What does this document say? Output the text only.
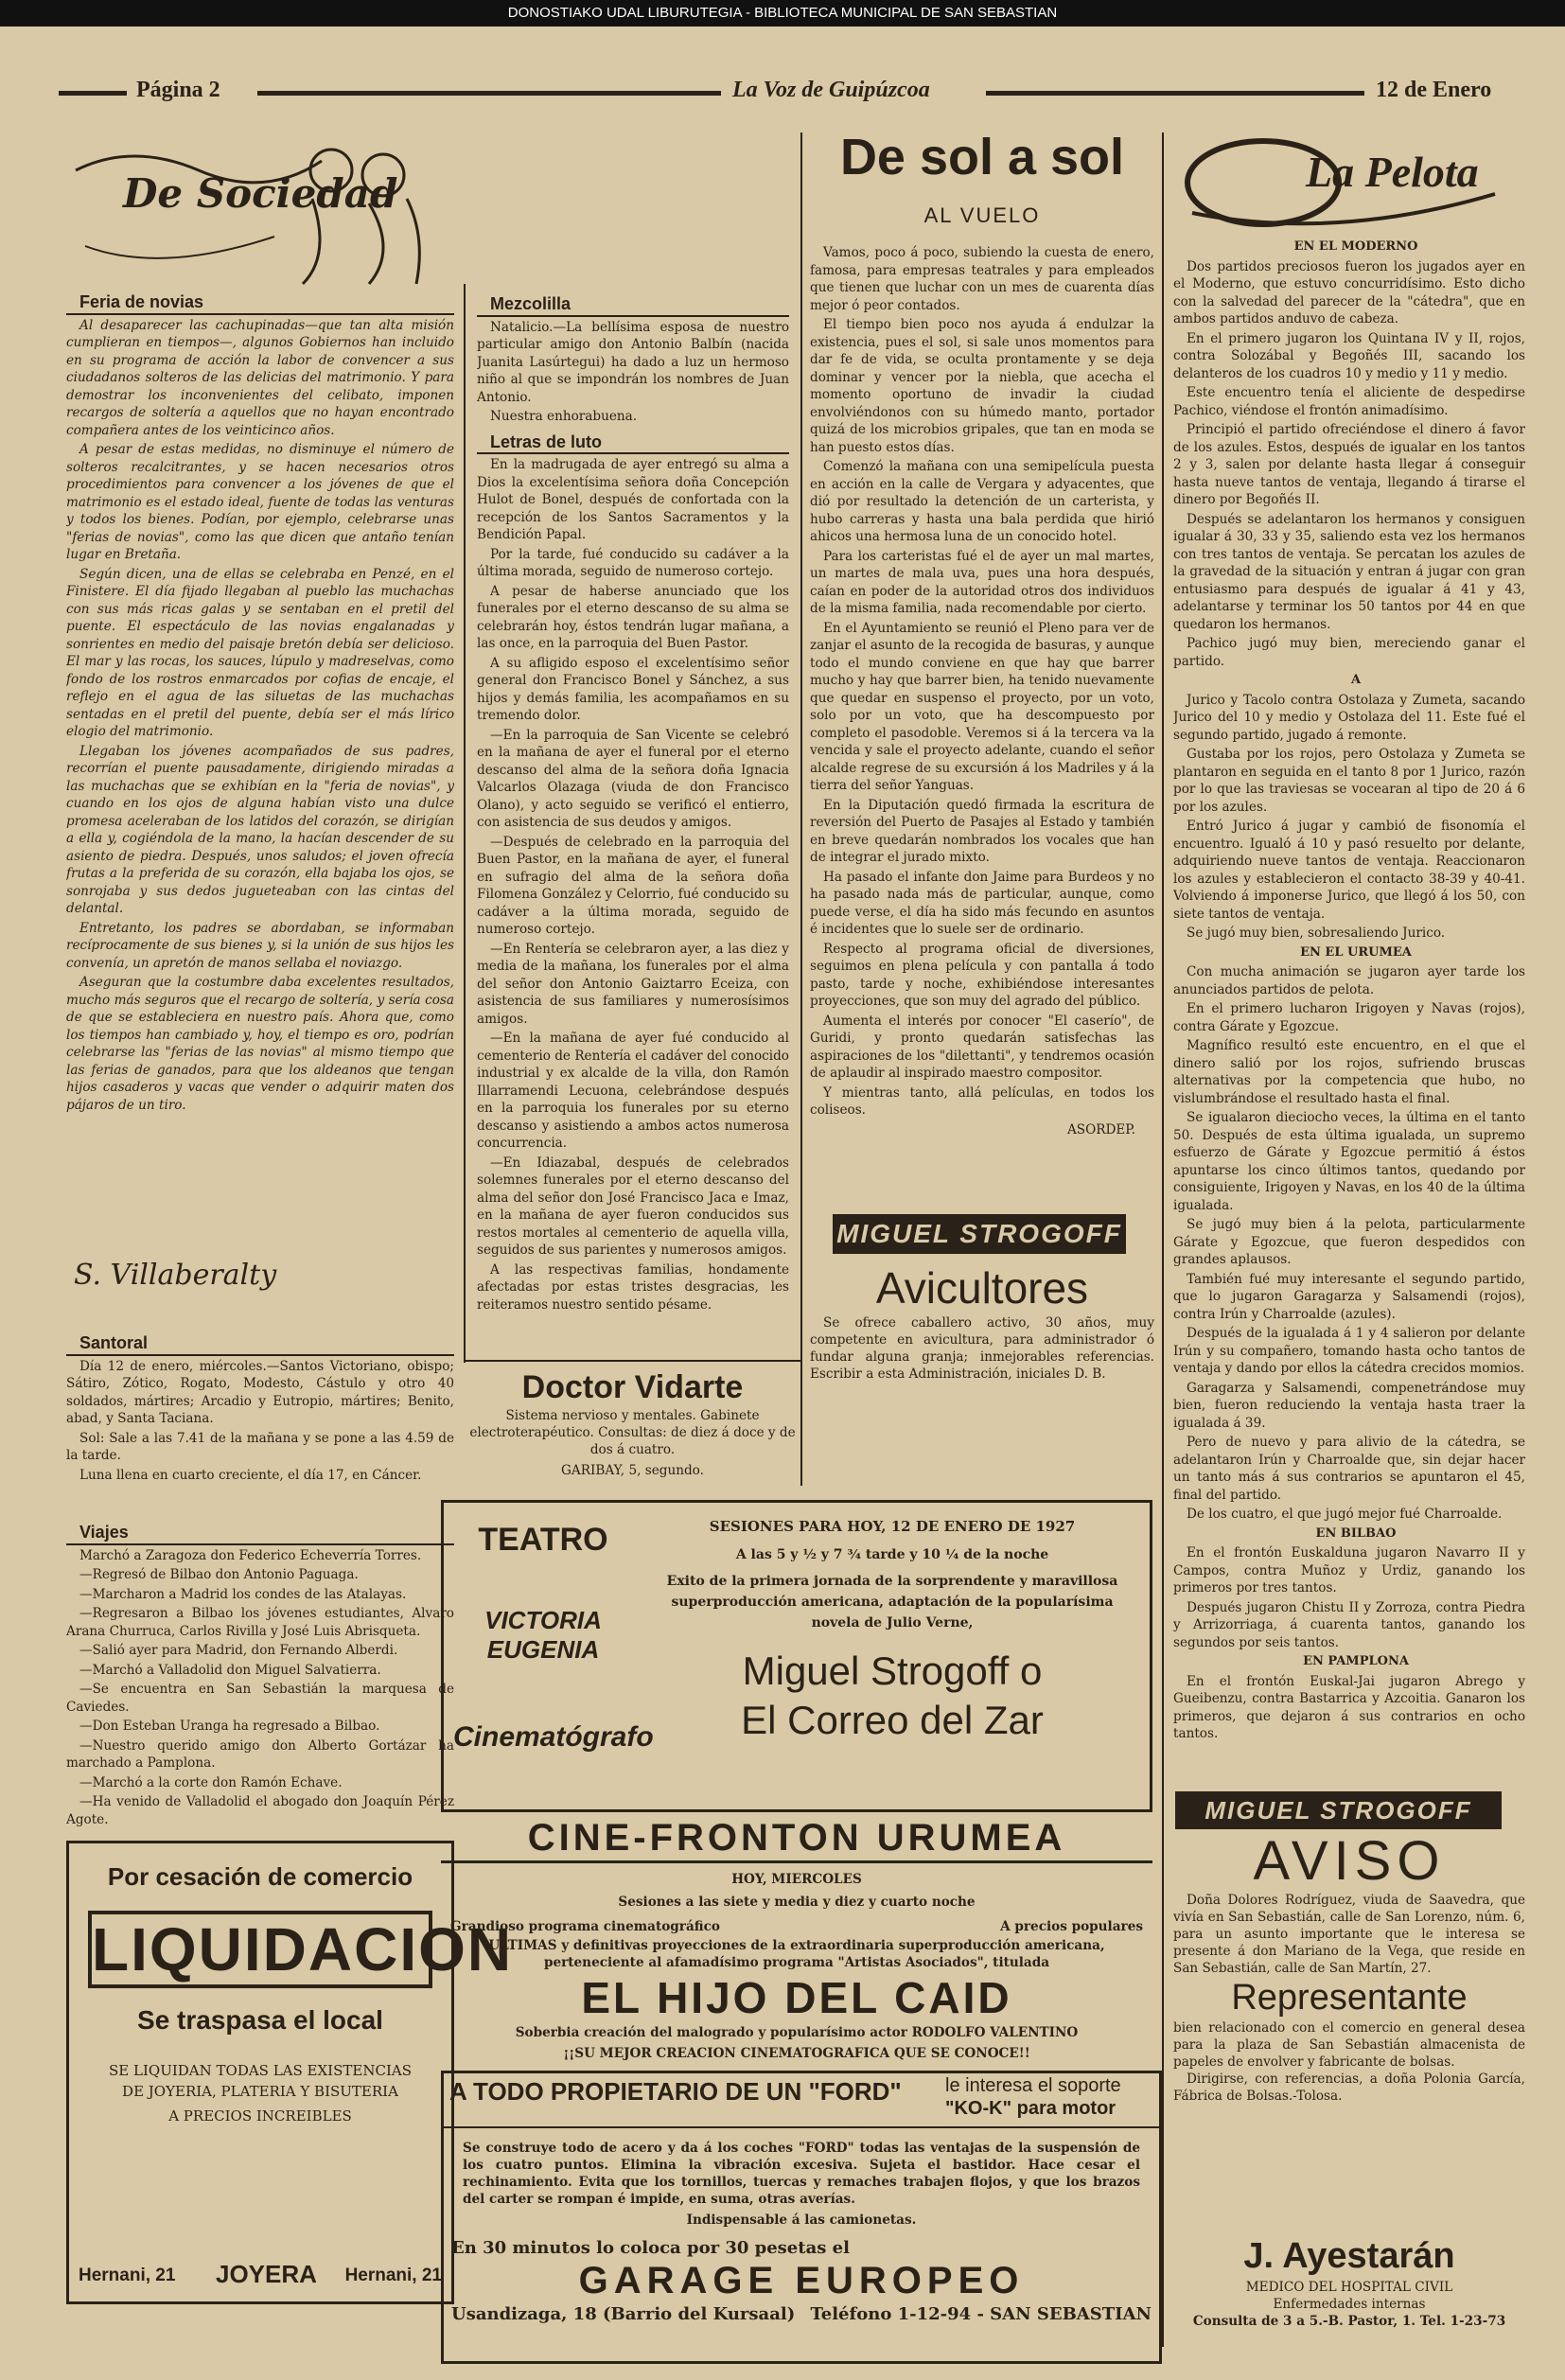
DONOSTIAKO UDAL LIBURUTEGIA - BIBLIOTECA MUNICIPAL DE SAN SEBASTIAN
Página 2	La Voz de Guipúzcoa	12 de Enero
De Sociedad

Feria de novias

Al desaparecer las cachupinadas—que tan alta misión cumplieran en tiempos—, algunos Gobiernos han incluido en su programa de acción la labor de convencer a sus ciudadanos solteros de las delicias del matrimonio. Y para demostrar los inconvenientes del celibato, imponen recargos de soltería a aquellos que no hayan encontrado compañera antes de los veinticinco años.

A pesar de estas medidas, no disminuye el número de solteros recalcitrantes, y se hacen necesarios otros procedimientos para convencer a los jóvenes de que el matrimonio es el estado ideal, fuente de todas las venturas y todos los bienes. Podían, por ejemplo, celebrarse unas "ferias de novias", como las que dicen que antaño tenían lugar en Bretaña.

Según dicen, una de ellas se celebraba en Penzé, en el Finistere. El día fijado llegaban al pueblo las muchachas con sus más ricas galas y se sentaban en el pretil del puente. El espectáculo de las novias engalanadas y sonrientes en medio del paisaje bretón debía ser delicioso. El mar y las rocas, los sauces, lúpulo y madreselvas, como fondo de los rostros enmarcados por cofias de encaje, el reflejo en el agua de las siluetas de las muchachas sentadas en el pretil del puente, debía ser el más lírico elogio del matrimonio.

Llegaban los jóvenes acompañados de sus padres, recorrían el puente pausadamente, dirigiendo miradas a las muchachas que se exhibían en la "feria de novias", y cuando en los ojos de alguna habían visto una dulce promesa aceleraban de los latidos del corazón, se dirigían a ella y, cogiéndola de la mano, la hacían descender de su asiento de piedra. Después, unos saludos; el joven ofrecía frutas a la preferida de su corazón, ella bajaba los ojos, se sonrojaba y sus dedos jugueteaban con las cintas del delantal.

Entretanto, los padres se abordaban, se informaban recíprocamente de sus bienes y, si la unión de sus hijos les convenía, un apretón de manos sellaba el noviazgo.

Aseguran que la costumbre daba excelentes resultados, mucho más seguros que el recargo de soltería, y sería cosa de que se estableciera en nuestro país. Ahora que, como los tiempos han cambiado y, hoy, el tiempo es oro, podrían celebrarse las "ferias de las novias" al mismo tiempo que las ferias de ganados, para que los aldeanos que tengan hijos casaderos y vacas que vender o adquirir maten dos pájaros de un tiro.

S. Villaberalty

Santoral

Día 12 de enero, miércoles.—Santos Victoriano, obispo; Sátiro, Zótico, Rogato, Modesto, Cástulo y otro 40 soldados, mártires; Arcadio y Eutropio, mártires; Benito, abad, y Santa Taciana.

Sol: Sale a las 7.41 de la mañana y se pone a las 4.59 de la tarde.

Luna llena en cuarto creciente, el día 17, en Cáncer.

Viajes

Marchó a Zaragoza don Federico Echeverría Torres.

—Regresó de Bilbao don Antonio Paguaga.

—Marcharon a Madrid los condes de las Atalayas.

—Regresaron a Bilbao los jóvenes estudiantes, Alvaro Arana Churruca, Carlos Rivilla y José Luis Abrisqueta.

—Salió ayer para Madrid, don Fernando Alberdi.

—Marchó a Valladolid don Miguel Salvatierra.

—Se encuentra en San Sebastián la marquesa de Caviedes.

—Don Esteban Uranga ha regresado a Bilbao.

—Nuestro querido amigo don Alberto Gortázar ha marchado a Pamplona.

—Marchó a la corte don Ramón Echave.

—Ha venido de Valladolid el abogado don Joaquín Pérez Agote.

Por cesación de comercio
LIQUIDACION
Se traspasa el local
SE LIQUIDAN TODAS LAS EXISTENCIAS DE JOYERIA, PLATERIA Y BISUTERIA
A PRECIOS INCREIBLES
Hernani, 21 JOYERA Hernani, 21

Mezcolilla

Natalicio.—La bellísima esposa de nuestro particular amigo don Antonio Balbín (nacida Juanita Lasúrtegui) ha dado a luz un hermoso niño al que se impondrán los nombres de Juan Antonio.

Nuestra enhorabuena.

Letras de luto

En la madrugada de ayer entregó su alma a Dios la excelentísima señora doña Concepción Hulot de Bonel, después de confortada con la recepción de los Santos Sacramentos y la Bendición Papal.

Por la tarde, fué conducido su cadáver a la última morada, seguido de numeroso cortejo.

A pesar de haberse anunciado que los funerales por el eterno descanso de su alma se celebrarán hoy, éstos tendrán lugar mañana, a las once, en la parroquia del Buen Pastor.

A su afligido esposo el excelentísimo señor general don Francisco Bonel y Sánchez, a sus hijos y demás familia, les acompañamos en su tremendo dolor.

—En la parroquia de San Vicente se celebró en la mañana de ayer el funeral por el eterno descanso del alma de la señora doña Ignacia Valcarlos Olazaga (viuda de don Francisco Olano), y acto seguido se verificó el entierro, con asistencia de sus deudos y amigos.

—Después de celebrado en la parroquia del Buen Pastor, en la mañana de ayer, el funeral en sufragio del alma de la señora doña Filomena González y Celorrio, fué conducido su cadáver a la última morada, seguido de numeroso cortejo.

—En Rentería se celebraron ayer, a las diez y media de la mañana, los funerales por el alma del señor don Antonio Gaiztarro Eceiza, con asistencia de sus familiares y numerosísimos amigos.

—En la mañana de ayer fué conducido al cementerio de Rentería el cadáver del conocido industrial y ex alcalde de la villa, don Ramón Illarramendi Lecuona, celebrándose después en la parroquia los funerales por su eterno descanso y asistiendo a ambos actos numerosa concurrencia.

—En Idiazabal, después de celebrados solemnes funerales por el eterno descanso del alma del señor don José Francisco Jaca e Imaz, en la mañana de ayer fueron conducidos sus restos mortales al cementerio de aquella villa, seguidos de sus parientes y numerosos amigos.

A las respectivas familias, hondamente afectadas por estas tristes desgracias, les reiteramos nuestro sentido pésame.

Doctor Vidarte
Sistema nervioso y mentales. Gabinete electroterapéutico. Consultas: de diez á doce y de dos á cuatro.
GARIBAY, 5, segundo.
De sol a sol
AL VUELO

Vamos, poco á poco, subiendo la cuesta de enero, famosa, para empresas teatrales y para empleados que tienen que luchar con un mes de cuarenta días mejor ó peor contados.

El tiempo bien poco nos ayuda á endulzar la existencia, pues el sol, si sale unos momentos para dar fe de vida, se oculta prontamente y se deja dominar y vencer por la niebla, que acecha el momento oportuno de invadir la ciudad envolviéndonos con su húmedo manto, portador quizá de los microbios gripales, que tan en moda se han puesto estos días.

Comenzó la mañana con una semipelícula puesta en acción en la calle de Vergara y adyacentes, que dió por resultado la detención de un carterista, y hubo carreras y hasta una bala perdida que hirió ahicos una hermosa luna de un conocido hotel.

Para los carteristas fué el de ayer un mal martes, un martes de mala uva, pues una hora después, caían en poder de la autoridad otros dos individuos de la misma familia, nada recomendable por cierto.

En el Ayuntamiento se reunió el Pleno para ver de zanjar el asunto de la recogida de basuras, y aunque todo el mundo conviene en que hay que barrer mucho y hay que barrer bien, ha tenido nuevamente que quedar en suspenso el proyecto, por un voto, solo por un voto, que ha descompuesto por completo el pasodoble. Veremos si á la tercera va la vencida y sale el proyecto adelante, cuando el señor alcalde regrese de su excursión á los Madriles y á la tierra del señor Yanguas.

En la Diputación quedó firmada la escritura de reversión del Puerto de Pasajes al Estado y también en breve quedarán nombrados los vocales que han de integrar el jurado mixto.

Ha pasado el infante don Jaime para Burdeos y no ha pasado nada más de particular, aunque, como puede verse, el día ha sido más fecundo en asuntos é incidentes que lo suele ser de ordinario.

Respecto al programa oficial de diversiones, seguimos en plena película y con pantalla á todo pasto, tarde y noche, exhibiéndose interesantes proyecciones, que son muy del agrado del público.

Aumenta el interés por conocer "El caserío", de Guridi, y pronto quedarán satisfechas las aspiraciones de los "dilettanti", y tendremos ocasión de aplaudir al inspirado maestro compositor.

Y mientras tanto, allá películas, en todos los coliseos.

ASORDEP.
MIGUEL STROGOFF
Avicultores
Se ofrece caballero activo, 30 años, muy competente en avicultura, para administrador ó fundar alguna granja; inmejorables referencias. Escribir a esta Administración, iniciales D. B.
La Pelota

EN EL MODERNO

Dos partidos preciosos fueron los jugados ayer en el Moderno, que estuvo concurridísimo. Esto dicho con la salvedad del parecer de la "cátedra", que en ambos partidos anduvo de cabeza.

En el primero jugaron los Quintana IV y II, rojos, contra Solozábal y Begoñés III, sacando los delanteros de los cuadros 10 y medio y 11 y medio.

Este encuentro tenía el aliciente de despedirse Pachico, viéndose el frontón animadísimo.

Principió el partido ofreciéndose el dinero á favor de los azules. Estos, después de igualar en los tantos 2 y 3, salen por delante hasta llegar á conseguir hasta nueve tantos de ventaja, llegando á tirarse el dinero por Begoñés II.

Después se adelantaron los hermanos y consiguen igualar á 30, 33 y 35, saliendo esta vez los hermanos con tres tantos de ventaja. Se percatan los azules de la gravedad de la situación y entran á jugar con gran entusiasmo para después de igualar á 41 y 43, adelantarse y terminar los 50 tantos por 44 en que quedaron los hermanos.

Pachico jugó muy bien, mereciendo ganar el partido.

A

Jurico y Tacolo contra Ostolaza y Zumeta, sacando Jurico del 10 y medio y Ostolaza del 11. Este fué el segundo partido, jugado á remonte.

Gustaba por los rojos, pero Ostolaza y Zumeta se plantaron en seguida en el tanto 8 por 1 Jurico, razón por lo que las traviesas se vocearan al tipo de 20 á 6 por los azules.

Entró Jurico á jugar y cambió de fisonomía el encuentro. Igualó á 10 y pasó resuelto por delante, adquiriendo nueve tantos de ventaja. Reaccionaron los azules y establecieron el contacto 38-39 y 40-41. Volviendo á imponerse Jurico, que llegó á los 50, con siete tantos de ventaja.

Se jugó muy bien, sobresaliendo Jurico.

EN EL URUMEA

Con mucha animación se jugaron ayer tarde los anunciados partidos de pelota.

En el primero lucharon Irigoyen y Navas (rojos), contra Gárate y Egozcue.

Magnífico resultó este encuentro, en el que el dinero salió por los rojos, sufriendo bruscas alternativas por la competencia que hubo, no vislumbrándose el resultado hasta el final.

Se igualaron dieciocho veces, la última en el tanto 50. Después de esta última igualada, un supremo esfuerzo de Gárate y Egozcue permitió á éstos apuntarse los cinco últimos tantos, quedando por consiguiente, Irigoyen y Navas, en los 40 de la última igualada.

Se jugó muy bien á la pelota, particularmente Gárate y Egozcue, que fueron despedidos con grandes aplausos.

También fué muy interesante el segundo partido, que lo jugaron Garagarza y Salsamendi (rojos), contra Irún y Charroalde (azules).

Después de la igualada á 1 y 4 salieron por delante Irún y su compañero, tomando hasta ocho tantos de ventaja y dando por ellos la cátedra crecidos momios.

Garagarza y Salsamendi, compenetrándose muy bien, fueron reduciendo la ventaja hasta traer la igualada á 39.

Pero de nuevo y para alivio de la cátedra, se adelantaron Irún y Charroalde que, sin dejar hacer un tanto más á sus contrarios se apuntaron el 45, final del partido.

De los cuatro, el que jugó mejor fué Charroalde.

EN BILBAO

En el frontón Euskalduna jugaron Navarro II y Campos, contra Muñoz y Urdiz, ganando los primeros por tres tantos.

Después jugaron Chistu II y Zorroza, contra Piedra y Arrizorriaga, á cuarenta tantos, ganando los segundos por seis tantos.

EN PAMPLONA

En el frontón Euskal-Jai jugaron Abrego y Gueibenzu, contra Bastarrica y Azcoitia. Ganaron los primeros, que dejaron á sus contrarios en ocho tantos.

MIGUEL STROGOFF
AVISO
Doña Dolores Rodríguez, viuda de Saavedra, que vivía en San Sebastián, calle de San Lorenzo, núm. 6, para un asunto importante que le interesa se presente á don Mariano de la Vega, que reside en San Sebastián, calle de San Martín, 27.
Representante
bien relacionado con el comercio en general desea para la plaza de San Sebastián almacenista de papeles de envolver y fabricante de bolsas.
Dirigirse, con referencias, a doña Polonia García, Fábrica de Bolsas.-Tolosa.
J. Ayestarán
MEDICO DEL HOSPITAL CIVIL
Enfermedades internas
Consulta de 3 a 5.-B. Pastor, 1. Tel. 1-23-73
TEATRO
VICTORIA EUGENIA
Cinematógrafo
SESIONES PARA HOY, 12 DE ENERO DE 1927
A las 5 y ½ y 7 ¾ tarde y 10 ¼ de la noche
Exito de la primera jornada de la sorprendente y maravillosa superproducción americana, adaptación de la popularísima novela de Julio Verne,
Miguel Strogoff o
El Correo del Zar
CINE-FRONTON URUMEA
HOY, MIERCOLES
Sesiones a las siete y media y diez y cuarto noche
Grandioso programa cinematográfico	A precios populares
ULTIMAS y definitivas proyecciones de la extraordinaria superproducción americana, perteneciente al afamadísimo programa "Artistas Asociados", titulada
EL HIJO DEL CAID
Soberbia creación del malogrado y popularísimo actor RODOLFO VALENTINO
¡¡SU MEJOR CREACION CINEMATOGRAFICA QUE SE CONOCE!!
A TODO PROPIETARIO DE UN "FORD" le interesa el soporte
"KO-K" para motor
Se construye todo de acero y da á los coches "FORD" todas las ventajas de la suspensión de los cuatro puntos. Elimina la vibración excesiva. Sujeta el bastidor. Hace cesar el rechinamiento. Evita que los tornillos, tuercas y remaches trabajen flojos, y que los brazos del carter se rompan é impide, en suma, otras averías.
Indispensable á las camionetas.
En 30 minutos lo coloca por 30 pesetas el
GARAGE EUROPEO
Usandizaga, 18 (Barrio del Kursaal) Teléfono 1-12-94 - SAN SEBASTIAN
